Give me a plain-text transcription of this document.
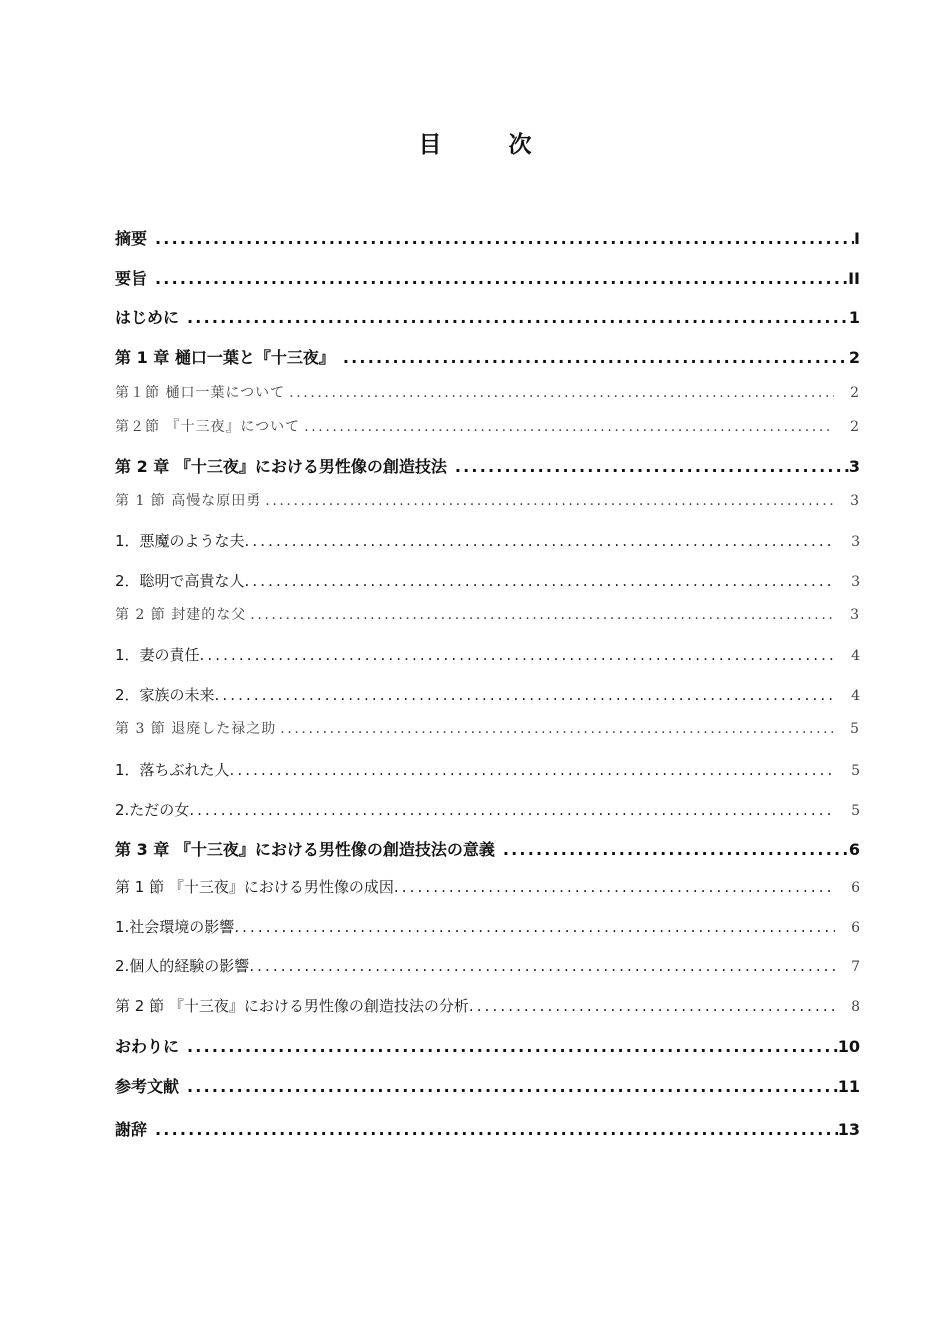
目　次
摘要 .....	I
要旨 .....	II
はじめに .....	1
第 1 章 樋口一葉と『十三夜』 .....	2
第１節 樋口一葉について .....	2
第２節 『十三夜』について .....	2
第 2 章 『十三夜』における男性像の創造技法 .....	3
第 1 節 高慢な原田勇 .....	3
1．悪魔のような夫 .....	3
2．聡明で高貴な人 .....	3
第 2 節 封建的な父 .....	3
1．妻の責任 .....	4
2．家族の未来 .....	4
第 3 節 退廃した禄之助 .....	5
1．落ちぶれた人 .....	5
2.ただの女 .....	5
第 3 章 『十三夜』における男性像の創造技法の意義 .....	6
第 1 節 『十三夜』における男性像の成因 .....	6
1.社会環境の影響 .....	6
2.個人的経験の影響 .....	7
第 2 節 『十三夜』における男性像の創造技法の分析 .....	8
おわりに .....	10
参考文献 .....	11
謝辞 .....	13
